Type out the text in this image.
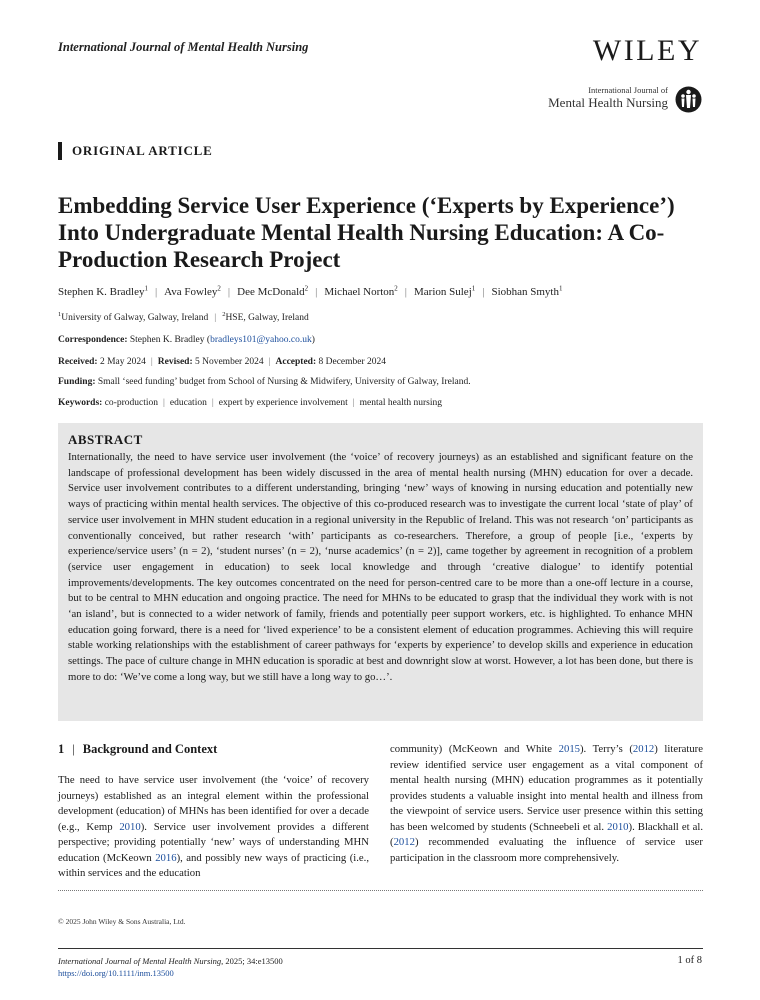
International Journal of Mental Health Nursing	WILEY
International Journal of
Mental Health Nursing
ORIGINAL ARTICLE
Embedding Service User Experience (‘Experts by Experience’) Into Undergraduate Mental Health Nursing Education: A Co-Production Research Project
Stephen K. Bradley$^1$ | Ava Fowley$^2$ | Dee McDonald$^2$ | Michael Norton$^2$ | Marion Sulej$^1$ | Siobhan Smyth$^1$
$^1$University of Galway, Galway, Ireland | $^2$HSE, Galway, Ireland
Correspondence: Stephen K. Bradley (bradleys101@yahoo.co.uk)
Received: 2 May 2024 | Revised: 5 November 2024 | Accepted: 8 December 2024
Funding: Small ‘seed funding’ budget from School of Nursing & Midwifery, University of Galway, Ireland.
Keywords: co-production | education | expert by experience involvement | mental health nursing
ABSTRACT

Internationally, the need to have service user involvement (the ‘voice’ of recovery journeys) as an established and significant feature on the landscape of professional development has been widely discussed in the area of mental health nursing (MHN) education for over a decade. Service user involvement contributes to a different understanding, bringing ‘new’ ways of knowing in nursing education and potentially new ways of practicing within mental health services. The objective of this co-produced research was to investigate the current local ‘state of play’ of service user involvement in MHN student education in a regional university in the Republic of Ireland. This was not research ‘on’ participants as conventionally conceived, but rather research ‘with’ participants as co-researchers. Therefore, a group of people [i.e., ‘experts by experience/service users’ (n = 2), ‘student nurses’ (n = 2), ‘nurse academics’ (n = 2)], came together by agreement in recognition of a problem (service user engagement in education) to seek local knowledge and through ‘creative dialogue’ to identify potential improvements/developments. The key outcomes concentrated on the need for person-centred care to be more than a one-off lecture in a course, but to be central to MHN education and ongoing practice. The need for MHNs to be educated to grasp that the individual they work with is not ‘an island’, but is connected to a wider network of family, friends and potentially peer support workers, etc. is highlighted. To enhance MHN education going forward, there is a need for ‘lived experience’ to be a consistent element of education programmes. Achieving this will require stable working relationships with the establishment of career pathways for ‘experts by experience’ to develop skills and experience in education settings. The pace of culture change in MHN education is sporadic at best and downright slow at worst. However, a lot has been done, but there is more to do: ‘We’ve come a long way, but we still have a long way to go…’.

1 | Background and Context

The need to have service user involvement (the ‘voice’ of recovery journeys) established as an integral element within the professional development (education) of MHNs has been identified for over a decade (e.g., Kemp 2010). Service user involvement provides a different perspective; providing potentially ‘new’ ways of understanding MHN education (McKeown 2016), and possibly new ways of practicing (i.e., within services and the education

community) (McKeown and White 2015). Terry’s (2012) literature review identified service user engagement as a vital component of mental health nursing (MHN) education programmes as it potentially provides students a valuable insight into mental health and illness from the viewpoint of service users. Service user presence within this setting has been welcomed by students (Schneebeli et al. 2010). Blackhall et al. (2012) recommended evaluating the influence of service user participation in the classroom more comprehensively.

© 2025 John Wiley & Sons Australia, Ltd.
International Journal of Mental Health Nursing, 2025; 34:e13500
https://doi.org/10.1111/inm.13500
1 of 8
